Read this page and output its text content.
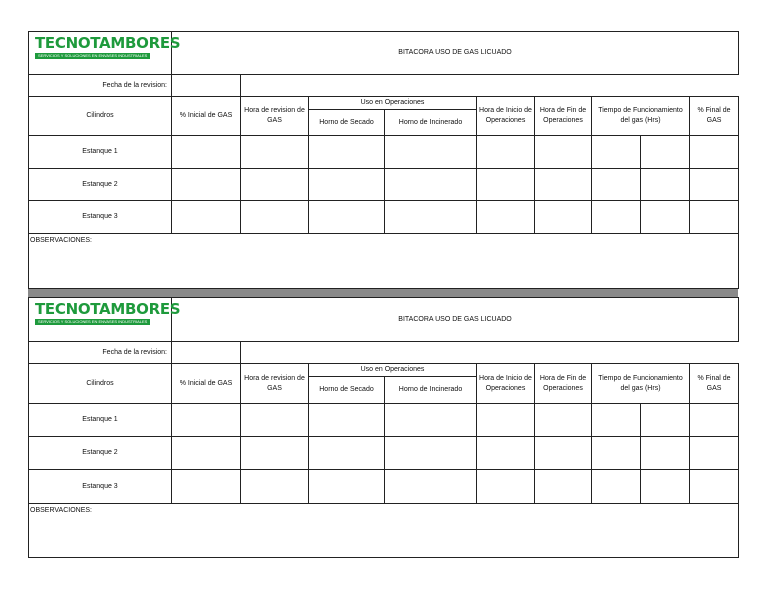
TECNOTAMBORES
SERVICIOS Y SOLUCIONES EN ENVASES INDUSTRIALES	BITACORA USO DE GAS LICUADO								
Fecha de la revision:									
Cilindros	% Inicial de GAS	Hora de revision de GAS	Uso en Operaciones		Hora de Inicio de Operaciones	Hora de Fin de Operaciones	Tiempo de Funcionamiento del gas (Hrs)		% Final de GAS
			Horno de Secado	Horno de Incinerado					
Estanque 1									
Estanque 2									
Estanque 3									
OBSERVACIONES:									
TECNOTAMBORES
SERVICIOS Y SOLUCIONES EN ENVASES INDUSTRIALES	BITACORA USO DE GAS LICUADO								
Fecha de la revision:									
Cilindros	% Inicial de GAS	Hora de revision de GAS	Uso en Operaciones		Hora de Inicio de Operaciones	Hora de Fin de Operaciones	Tiempo de Funcionamiento del gas (Hrs)		% Final de GAS
			Horno de Secado	Horno de Incinerado					
Estanque 1									
Estanque 2									
Estanque 3									
OBSERVACIONES:									
